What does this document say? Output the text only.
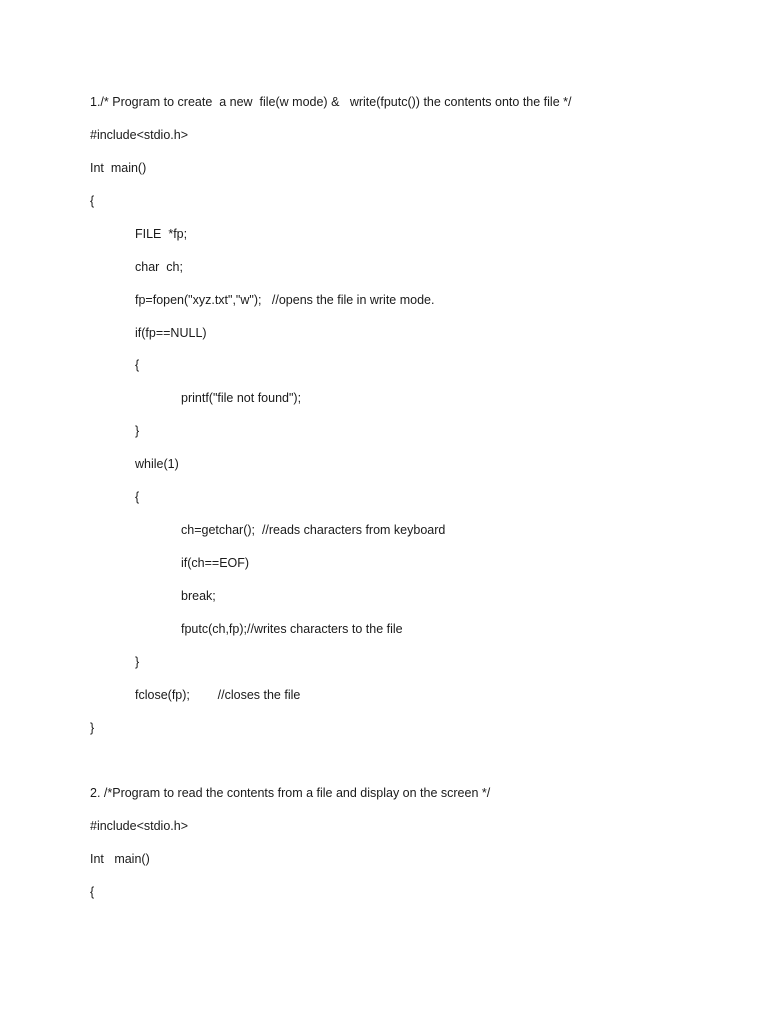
1./* Program to create  a new  file(w mode) &   write(fputc()) the contents onto the file */
#include<stdio.h>
Int  main()
{
FILE  *fp;
char  ch;
fp=fopen("xyz.txt","w");   //opens the file in write mode.
if(fp==NULL)
{
printf("file not found");
}
while(1)
{
ch=getchar();  //reads characters from keyboard
if(ch==EOF)
break;
fputc(ch,fp);//writes characters to the file
}
fclose(fp);        //closes the file
}
2. /*Program to read the contents from a file and display on the screen */
#include<stdio.h>
Int   main()
{
